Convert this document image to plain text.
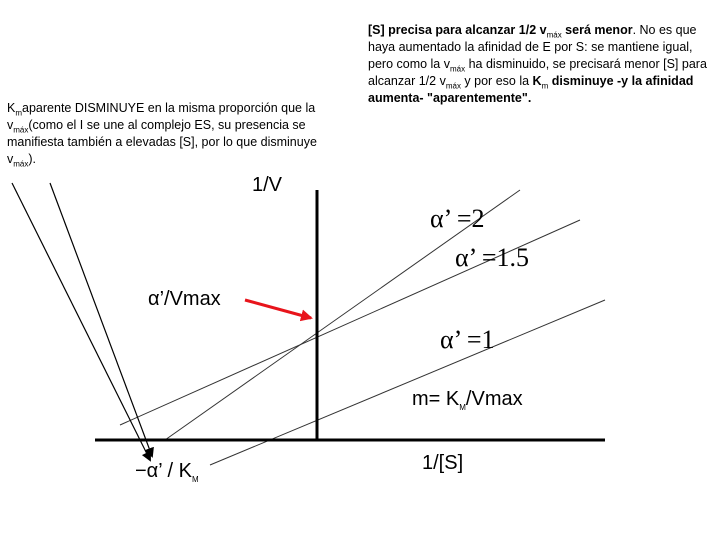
$K_maparente$ DISMINUYE en la misma proporción que la $v_{máx}(como$ el I se une al complejo ES, su presencia se manifiesta también a elevadas [S], por lo que disminuye $v_{máx}$).
[S] precisa para alcanzar 1/2 $v_{máx}$ será menor. No es que haya aumentado la afinidad de E por S: se mantiene igual, pero como la $v_{máx}$ ha disminuido, se precisará menor [S] para alcanzar 1/2 $v_{máx}$ y por eso la $K_m$ disminuye -y la afinidad aumenta- "aparentemente".
1/V
1/[S]
α’/Vmax
−α’ / $K_M$
$m= K_M$/Vmax
α’ =2
α’ =1.5
α’ =1
